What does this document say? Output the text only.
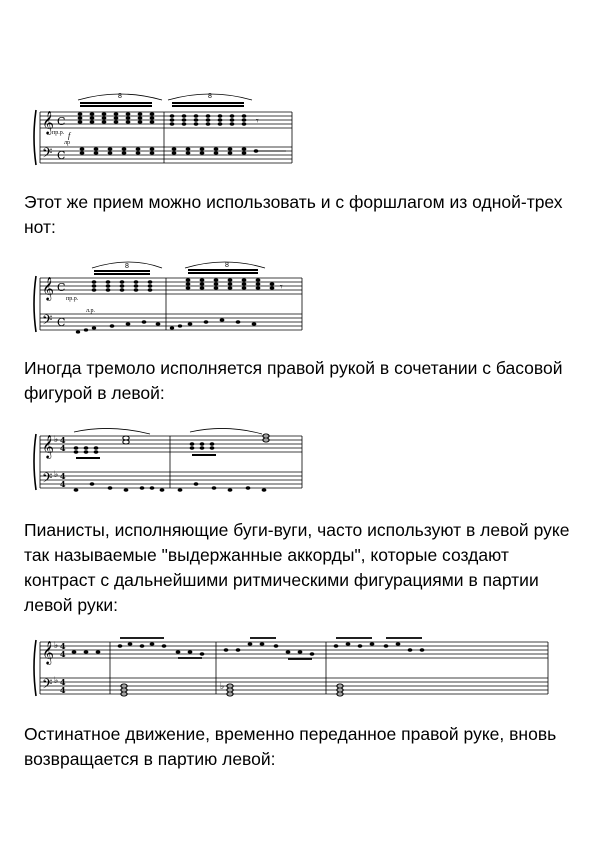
𝄞
𝄢
C
C
пр.р. f
лр
8	8
𝄾

Этот же прием можно использовать и с форшлагом из одной-трех нот:

𝄞
𝄢
C
C
пр.р.
л.р.
8	8
𝄾

Иногда тремоло исполняется правой рукой в сочетании с басовой фигурой в левой:

𝄞
𝄢
♭
♭
4
4
4
4

Пианисты, исполняющие буги-вуги, часто используют в левой руке так называемые "выдержанные аккорды", которые создают контраст с дальнейшими ритмическими фигурациями в партии левой руки:

𝄞
𝄢
♭
♭
4
4
4
4	♭

Остинатное движение, временно переданное правой руке, вновь возвращается в партию левой:
